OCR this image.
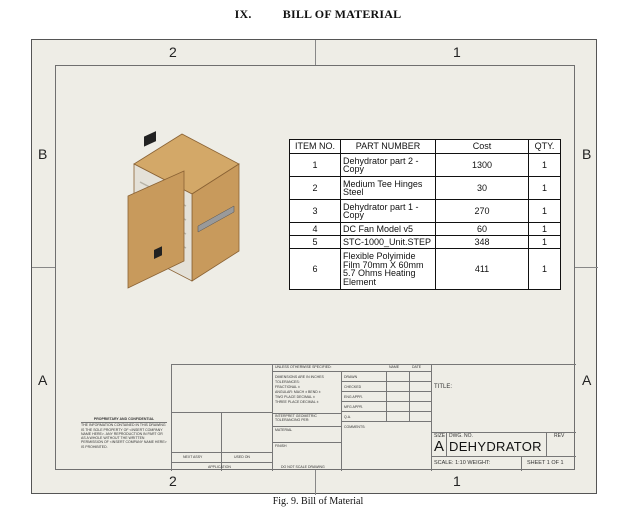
IX.	BILL OF MATERIAL
2	1
2	1
B	B
A	A
ITEM NO.	PART NUMBER	Cost	QTY.
1	Dehydrator part 2 - Copy	1300	1
2	Medium Tee Hinges Steel	30	1
3	Dehydrator part 1 - Copy	270	1
4	DC Fan Model v5	60	1
5	STC-1000_Unit.STEP	348	1
6	Flexible Polyimide Film 70mm X 60mm 5.7 Ohms Heating Element	411	1
UNLESS OTHERWISE SPECIFIED:	NAME	DATE
DIMENSIONS ARE IN INCHES
TOLERANCES:
FRACTIONAL ±
ANGULAR: MACH ± BEND ±
TWO PLACE DECIMAL ±
THREE PLACE DECIMAL ±
INTERPRET GEOMETRIC TOLERANCING PER:
MATERIAL
FINISH
DO NOT SCALE DRAWING
DRAWN
CHECKED
ENG APPR.
MFG APPR.
Q.A.
COMMENTS:
NEXT ASSY	USED ON
APPLICATION
TITLE:
SIZE
A
DWG. NO.
DEHYDRATOR
REV
SCALE: 1:10 WEIGHT:	SHEET 1 OF 1
PROPRIETARY AND CONFIDENTIAL
THE INFORMATION CONTAINED IN THIS DRAWING IS THE SOLE PROPERTY OF <INSERT COMPANY NAME HERE>. ANY REPRODUCTION IN PART OR AS A WHOLE WITHOUT THE WRITTEN PERMISSION OF <INSERT COMPANY NAME HERE> IS PROHIBITED.
Fig. 9. Bill of Material
